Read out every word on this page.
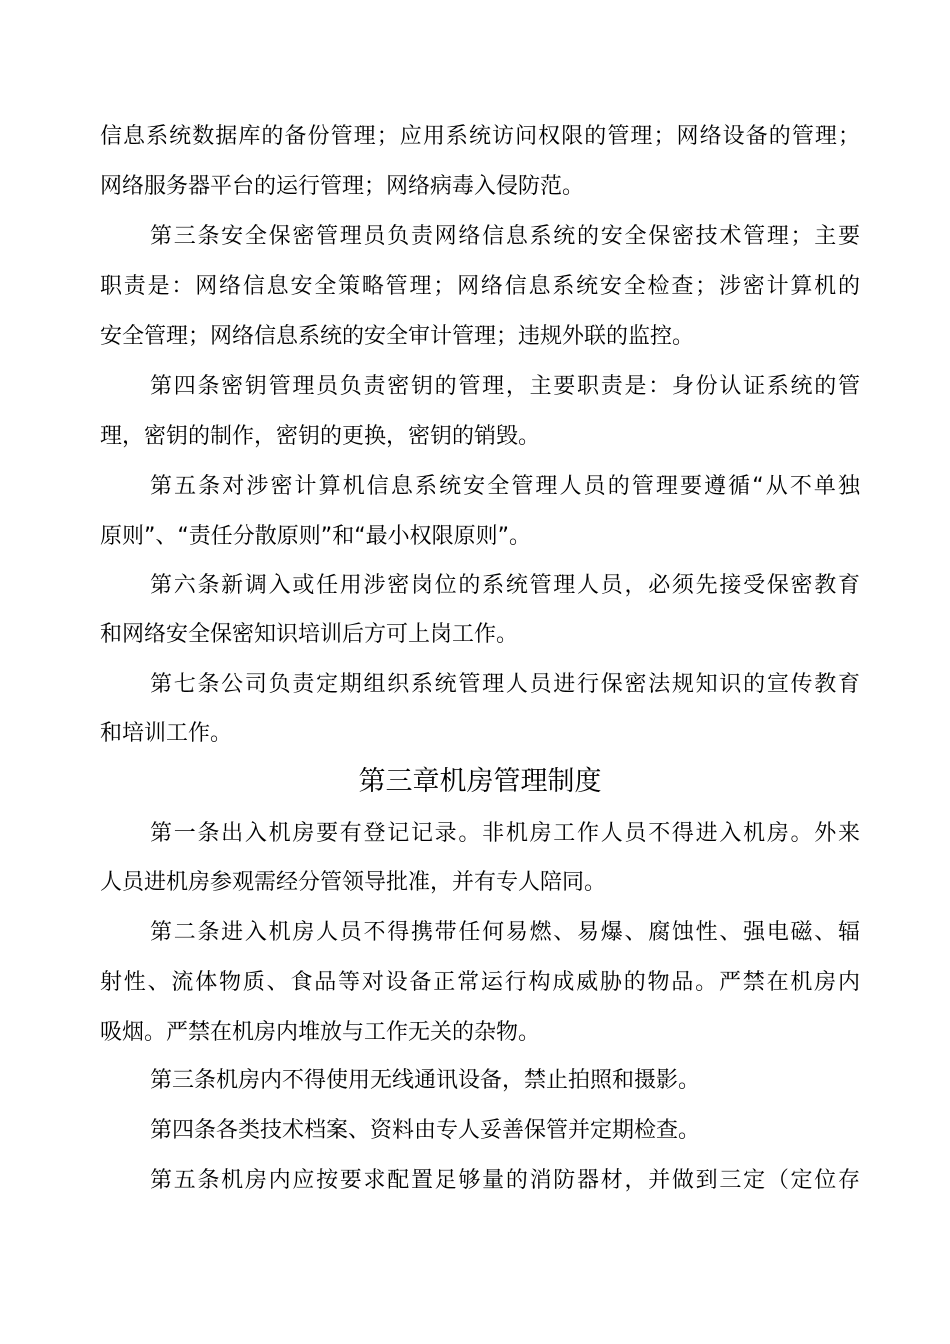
信息系统数据库的备份管理；应用系统访问权限的管理；网络设备的管理；
网络服务器平台的运行管理；网络病毒入侵防范。
第三条安全保密管理员负责网络信息系统的安全保密技术管理；主要
职责是：网络信息安全策略管理；网络信息系统安全检查；涉密计算机的
安全管理；网络信息系统的安全审计管理；违规外联的监控。
第四条密钥管理员负责密钥的管理，主要职责是：身份认证系统的管
理，密钥的制作，密钥的更换，密钥的销毁。
第五条对涉密计算机信息系统安全管理人员的管理要遵循“从不单独
原则”、“责任分散原则”和“最小权限原则”。
第六条新调入或任用涉密岗位的系统管理人员，必须先接受保密教育
和网络安全保密知识培训后方可上岗工作。
第七条公司负责定期组织系统管理人员进行保密法规知识的宣传教育
和培训工作。
第三章机房管理制度
第一条出入机房要有登记记录。非机房工作人员不得进入机房。外来
人员进机房参观需经分管领导批准，并有专人陪同。
第二条进入机房人员不得携带任何易燃、易爆、腐蚀性、强电磁、辐
射性、流体物质、食品等对设备正常运行构成威胁的物品。严禁在机房内
吸烟。严禁在机房内堆放与工作无关的杂物。
第三条机房内不得使用无线通讯设备，禁止拍照和摄影。
第四条各类技术档案、资料由专人妥善保管并定期检查。
第五条机房内应按要求配置足够量的消防器材，并做到三定（定位存
